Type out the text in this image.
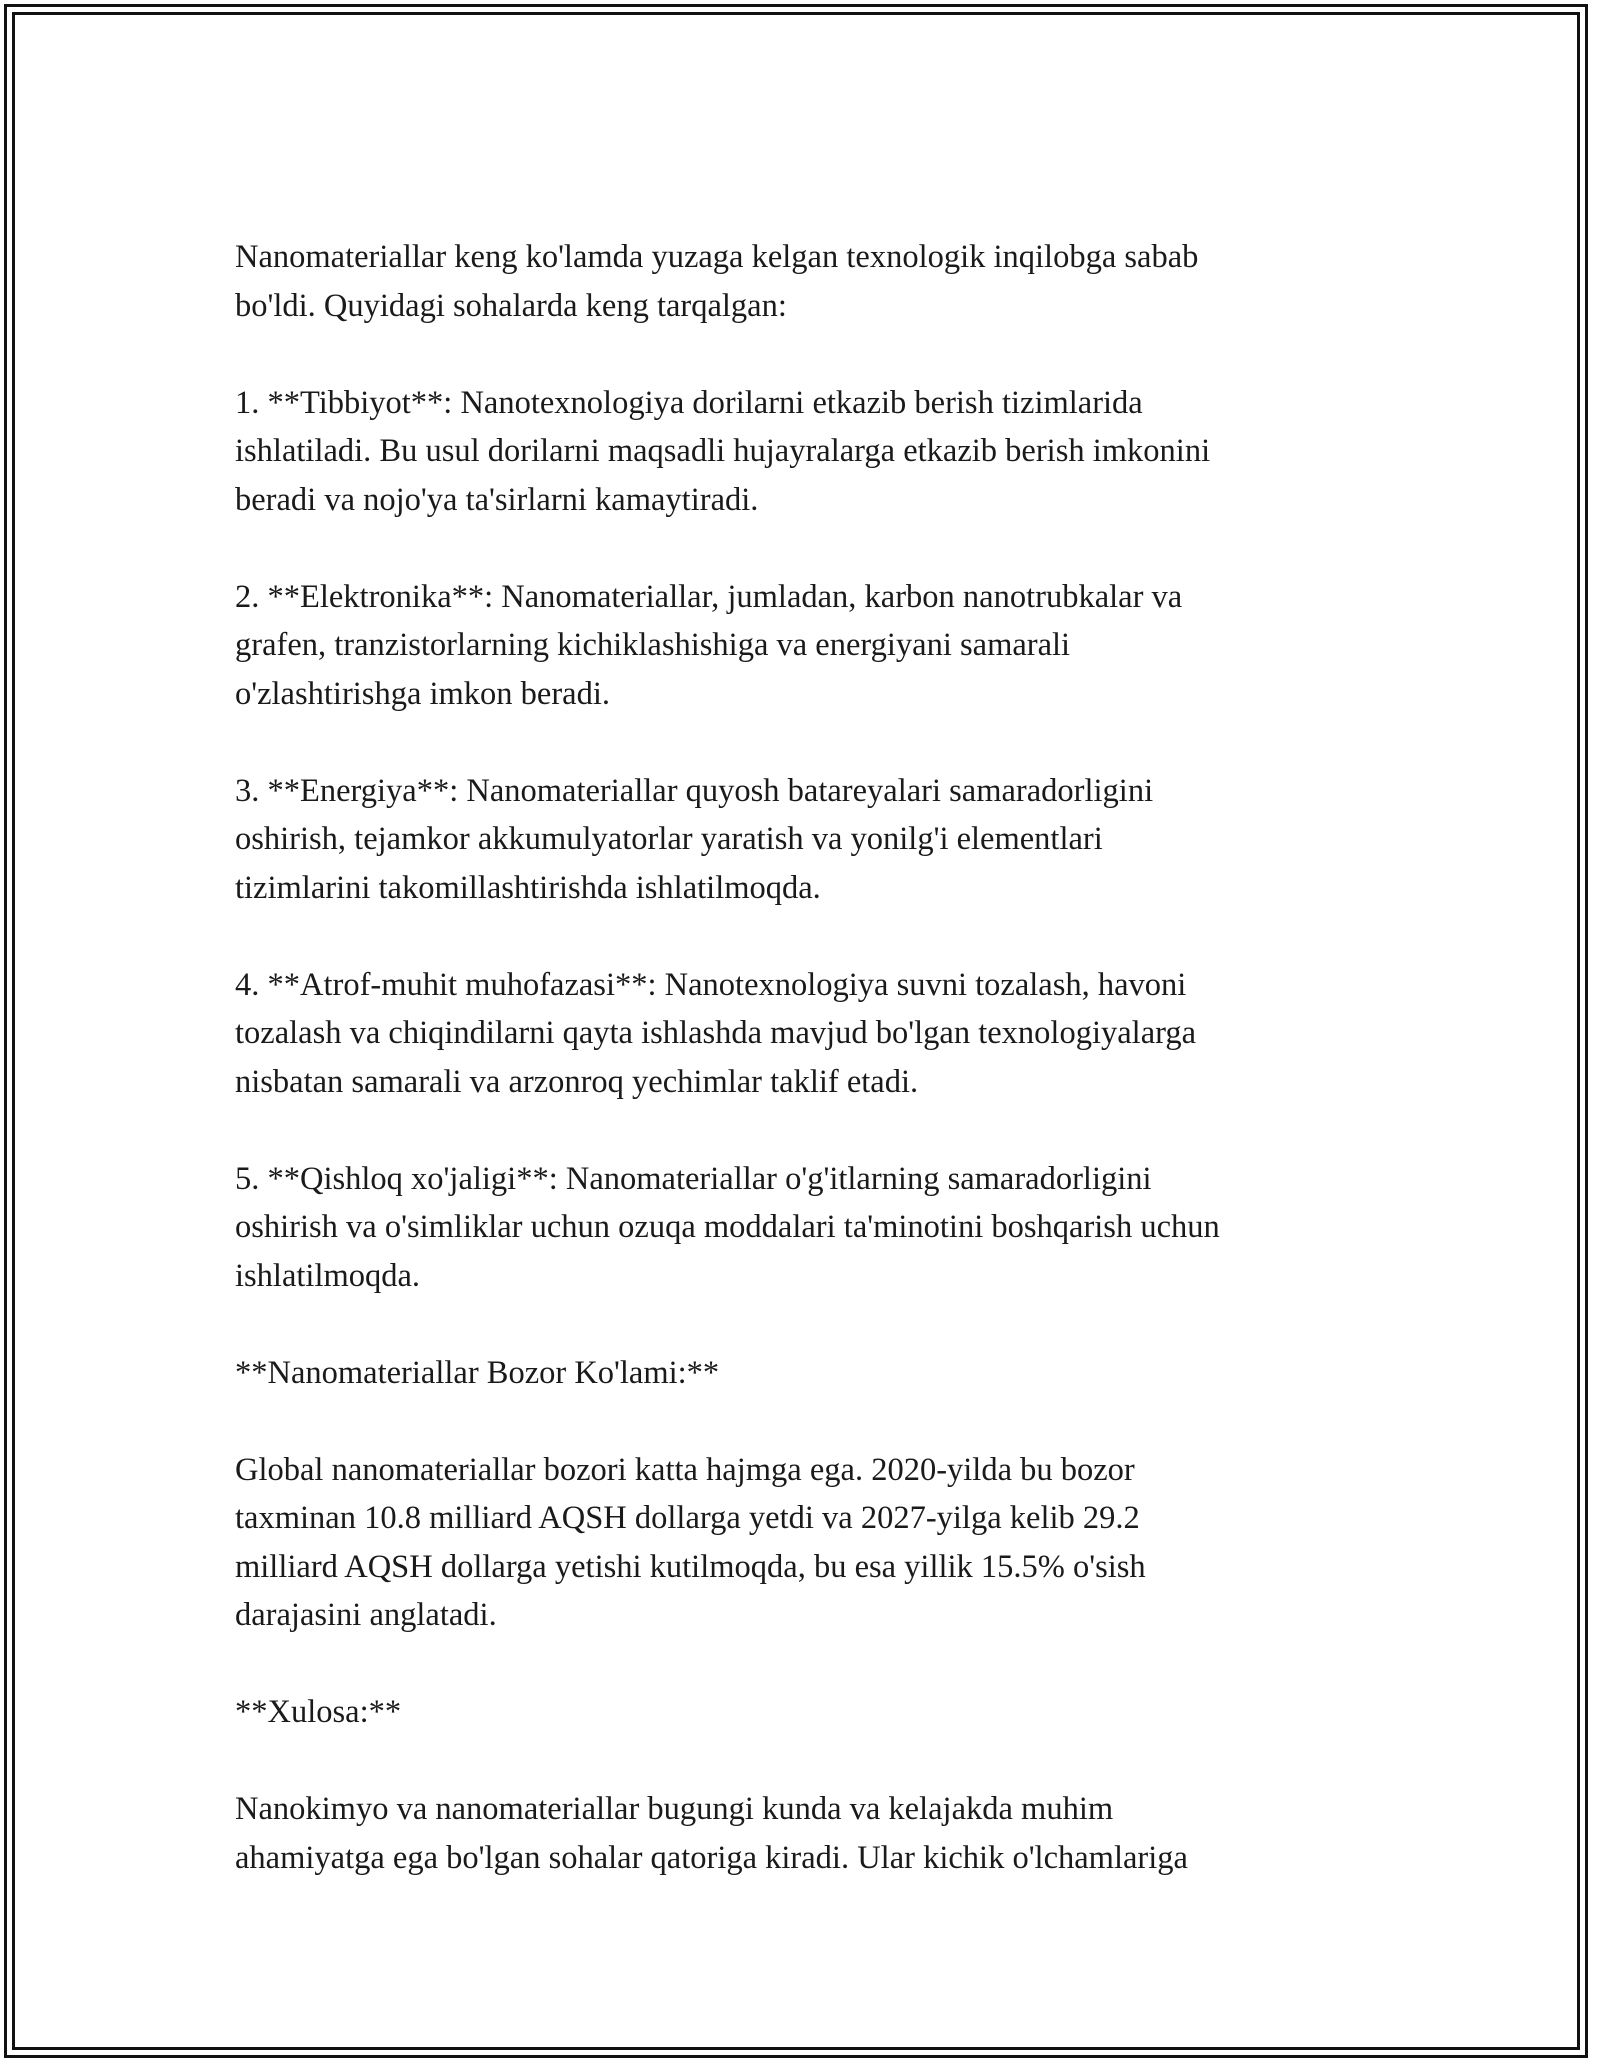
Nanomateriallar keng ko'lamda yuzaga kelgan texnologik inqilobga sabab
bo'ldi. Quyidagi sohalarda keng tarqalgan:

1. **Tibbiyot**: Nanotexnologiya dorilarni etkazib berish tizimlarida
ishlatiladi. Bu usul dorilarni maqsadli hujayralarga etkazib berish imkonini
beradi va nojo'ya ta'sirlarni kamaytiradi.

2. **Elektronika**: Nanomateriallar, jumladan, karbon nanotrubkalar va
grafen, tranzistorlarning kichiklashishiga va energiyani samarali
o'zlashtirishga imkon beradi.

3. **Energiya**: Nanomateriallar quyosh batareyalari samaradorligini
oshirish, tejamkor akkumulyatorlar yaratish va yonilg'i elementlari
tizimlarini takomillashtirishda ishlatilmoqda.

4. **Atrof-muhit muhofazasi**: Nanotexnologiya suvni tozalash, havoni
tozalash va chiqindilarni qayta ishlashda mavjud bo'lgan texnologiyalarga
nisbatan samarali va arzonroq yechimlar taklif etadi.

5. **Qishloq xo'jaligi**: Nanomateriallar o'g'itlarning samaradorligini
oshirish va o'simliklar uchun ozuqa moddalari ta'minotini boshqarish uchun
ishlatilmoqda.

**Nanomateriallar Bozor Ko'lami:**

Global nanomateriallar bozori katta hajmga ega. 2020-yilda bu bozor
taxminan 10.8 milliard AQSH dollarga yetdi va 2027-yilga kelib 29.2
milliard AQSH dollarga yetishi kutilmoqda, bu esa yillik 15.5% o'sish
darajasini anglatadi.

**Xulosa:**

Nanokimyo va nanomateriallar bugungi kunda va kelajakda muhim
ahamiyatga ega bo'lgan sohalar qatoriga kiradi. Ular kichik o'lchamlariga
